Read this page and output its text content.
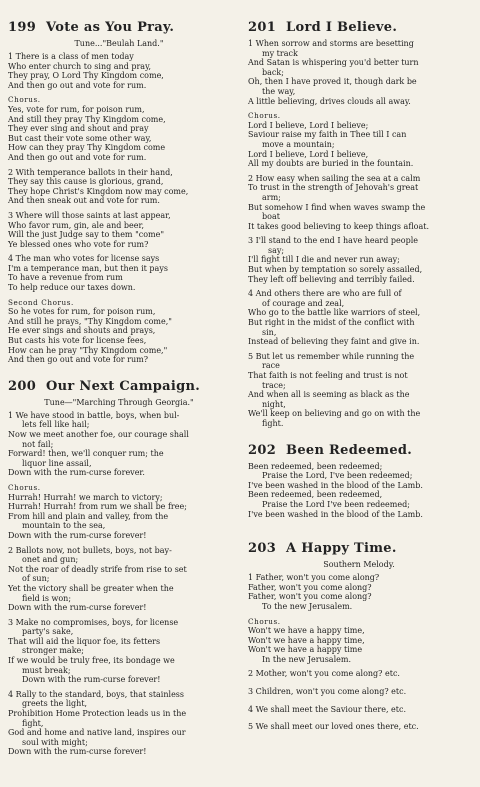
199 Vote as You Pray.
Tune..."Beulah Land."
1 There is a class of men today
Who enter church to sing and pray,
They pray, O Lord Thy Kingdom come,
And then go out and vote for rum.
Chorus.
Yes, vote for rum, for poison rum,
And still they pray Thy Kingdom come,
They ever sing and shout and pray
But cast their vote some other way,
How can they pray Thy Kingdom come
And then go out and vote for rum.
2 With temperance ballots in their hand,
They say this cause is glorious, grand,
They hope Christ's Kingdom now may come,
And then sneak out and vote for rum.
3 Where will those saints at last appear,
Who favor rum, gin, ale and beer,
Will the just Judge say to them "come"
Ye blessed ones who vote for rum?
4 The man who votes for license says
I'm a temperance man, but then it pays
To have a revenue from rum
To help reduce our taxes down.
Second Chorus.
So he votes for rum, for poison rum,
And still he prays, "Thy Kingdom come,"
He ever sings and shouts and prays,
But casts his vote for license fees,
How can he pray "Thy Kingdom come,"
And then go out and vote for rum?
200 Our Next Campaign.
Tune—"Marching Through Georgia."
1 We have stood in battle, boys, when bul-
lets fell like hail;
Now we meet another foe, our courage shall
not fail;
Forward! then, we'll conquer rum; the
liquor line assail,
Down with the rum-curse forever.
Chorus.
Hurrah! Hurrah! we march to victory;
Hurrah! Hurrah! from rum we shall be free;
From hill and plain and valley, from the
mountain to the sea,
Down with the rum-curse forever!
2 Ballots now, not bullets, boys, not bay-
onet and gun;
Not the roar of deadly strife from rise to set
of sun;
Yet the victory shall be greater when the
field is won;
Down with the rum-curse forever!
3 Make no compromises, boys, for license
party's sake,
That will aid the liquor foe, its fetters
stronger make;
If we would be truly free, its bondage we
must break;
Down with the rum-curse forever!
4 Rally to the standard, boys, that stainless
greets the light,
Prohibition Home Protection leads us in the
fight,
God and home and native land, inspires our
soul with might;
Down with the rum-curse forever!
201 Lord I Believe.
1 When sorrow and storms are besetting
my track
And Satan is whispering you'd better turn
back;
Oh, then I have proved it, though dark be
the way,
A little believing, drives clouds all away.
Chorus.
Lord I believe, Lord I believe;
Saviour raise my faith in Thee till I can
move a mountain;
Lord I believe, Lord I believe,
All my doubts are buried in the fountain.
2 How easy when sailing the sea at a calm
To trust in the strength of Jehovah's great
arm;
But somehow I find when waves swamp the
boat
It takes good believing to keep things afloat.
3 I'll stand to the end I have heard people
say;
I'll fight till I die and never run away;
But when by temptation so sorely assailed,
They left off believing and terribly failed.
4 And others there are who are full of
of courage and zeal,
Who go to the battle like warriors of steel,
But right in the midst of the conflict with
sin,
Instead of believing they faint and give in.
5 But let us remember while running the
race
That faith is not feeling and trust is not
trace;
And when all is seeming as black as the
night,
We'll keep on believing and go on with the
fight.
202 Been Redeemed.
Been redeemed, been redeemed;
Praise the Lord, I've been redeemed;
I've been washed in the blood of the Lamb.
Been redeemed, been redeemed,
Praise the Lord I've been redeemed;
I've been washed in the blood of the Lamb.
203 A Happy Time.
Southern Melody.
1 Father, won't you come along?
Father, won't you come along?
Father, won't you come along?
To the new Jerusalem.
Chorus.
Won't we have a happy time,
Won't we have a happy time,
Won't we have a happy time
In the new Jerusalem.
2 Mother, won't you come along? etc.
3 Children, won't you come along? etc.
4 We shall meet the Saviour there, etc.
5 We shall meet our loved ones there, etc.
